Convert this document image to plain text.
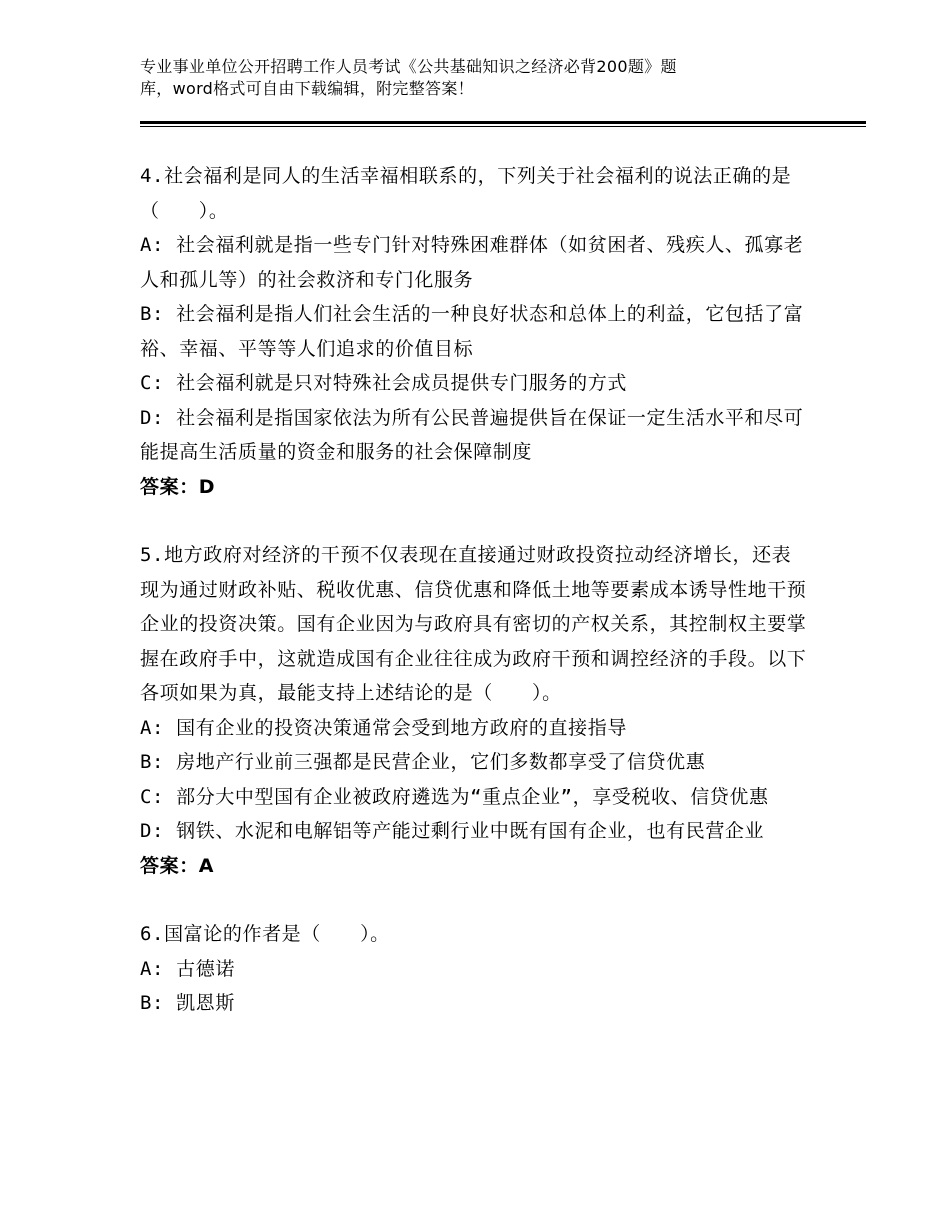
专业事业单位公开招聘工作人员考试《公共基础知识之经济必背200题》题
库，word格式可自由下载编辑，附完整答案！

4.社会福利是同人的生活幸福相联系的，下列关于社会福利的说法正确的是（　　）。

A: 社会福利就是指一些专门针对特殊困难群体（如贫困者、残疾人、孤寡老人和孤儿等）的社会救济和专门化服务

B: 社会福利是指人们社会生活的一种良好状态和总体上的利益，它包括了富裕、幸福、平等等人们追求的价值目标

C: 社会福利就是只对特殊社会成员提供专门服务的方式

D: 社会福利是指国家依法为所有公民普遍提供旨在保证一定生活水平和尽可能提高生活质量的资金和服务的社会保障制度

答案：D

5.地方政府对经济的干预不仅表现在直接通过财政投资拉动经济增长，还表现为通过财政补贴、税收优惠、信贷优惠和降低土地等要素成本诱导性地干预企业的投资决策。国有企业因为与政府具有密切的产权关系，其控制权主要掌握在政府手中，这就造成国有企业往往成为政府干预和调控经济的手段。以下各项如果为真，最能支持上述结论的是（　　）。

A: 国有企业的投资决策通常会受到地方政府的直接指导

B: 房地产行业前三强都是民营企业，它们多数都享受了信贷优惠

C: 部分大中型国有企业被政府遴选为“重点企业”，享受税收、信贷优惠

D: 钢铁、水泥和电解铝等产能过剩行业中既有国有企业，也有民营企业

答案：A

6.国富论的作者是（　　）。

A: 古德诺

B: 凯恩斯
